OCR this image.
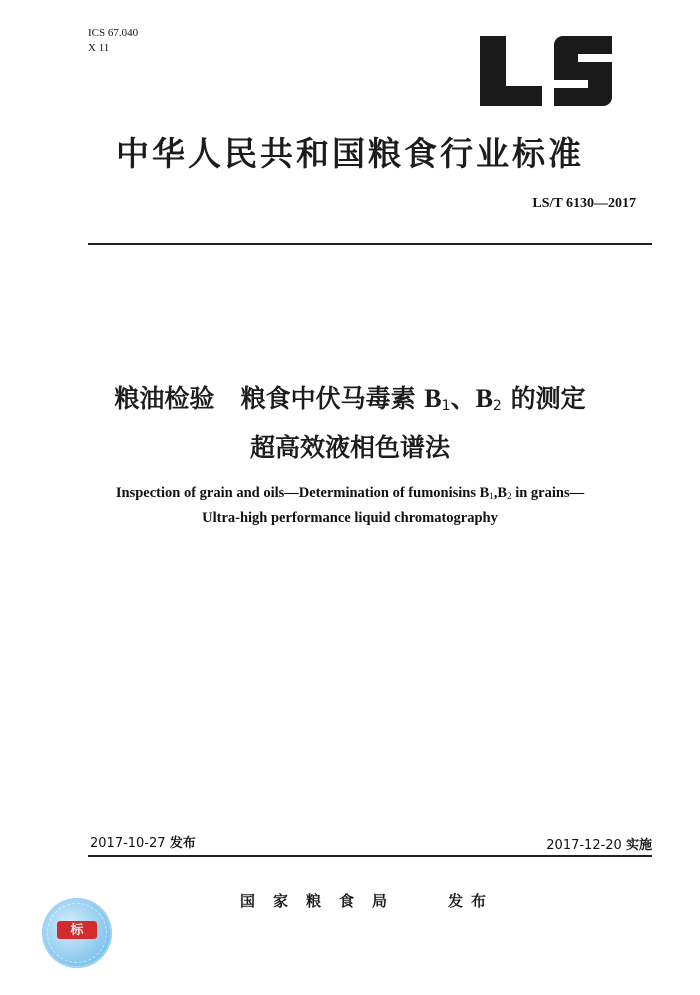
ICS 67.040
X 11
中华人民共和国粮食行业标准
LS/T 6130—2017
粮油检验 粮食中伏马毒素 $B_1$、$B_2$ 的测定
超高效液相色谱法
Inspection of grain and oils—Determination of fumonisins $B_1,B_2$ in grains—
Ultra-high performance liquid chromatography
2017-10-27 发布	2017-12-20 实施
国家粮食局	发布
标
